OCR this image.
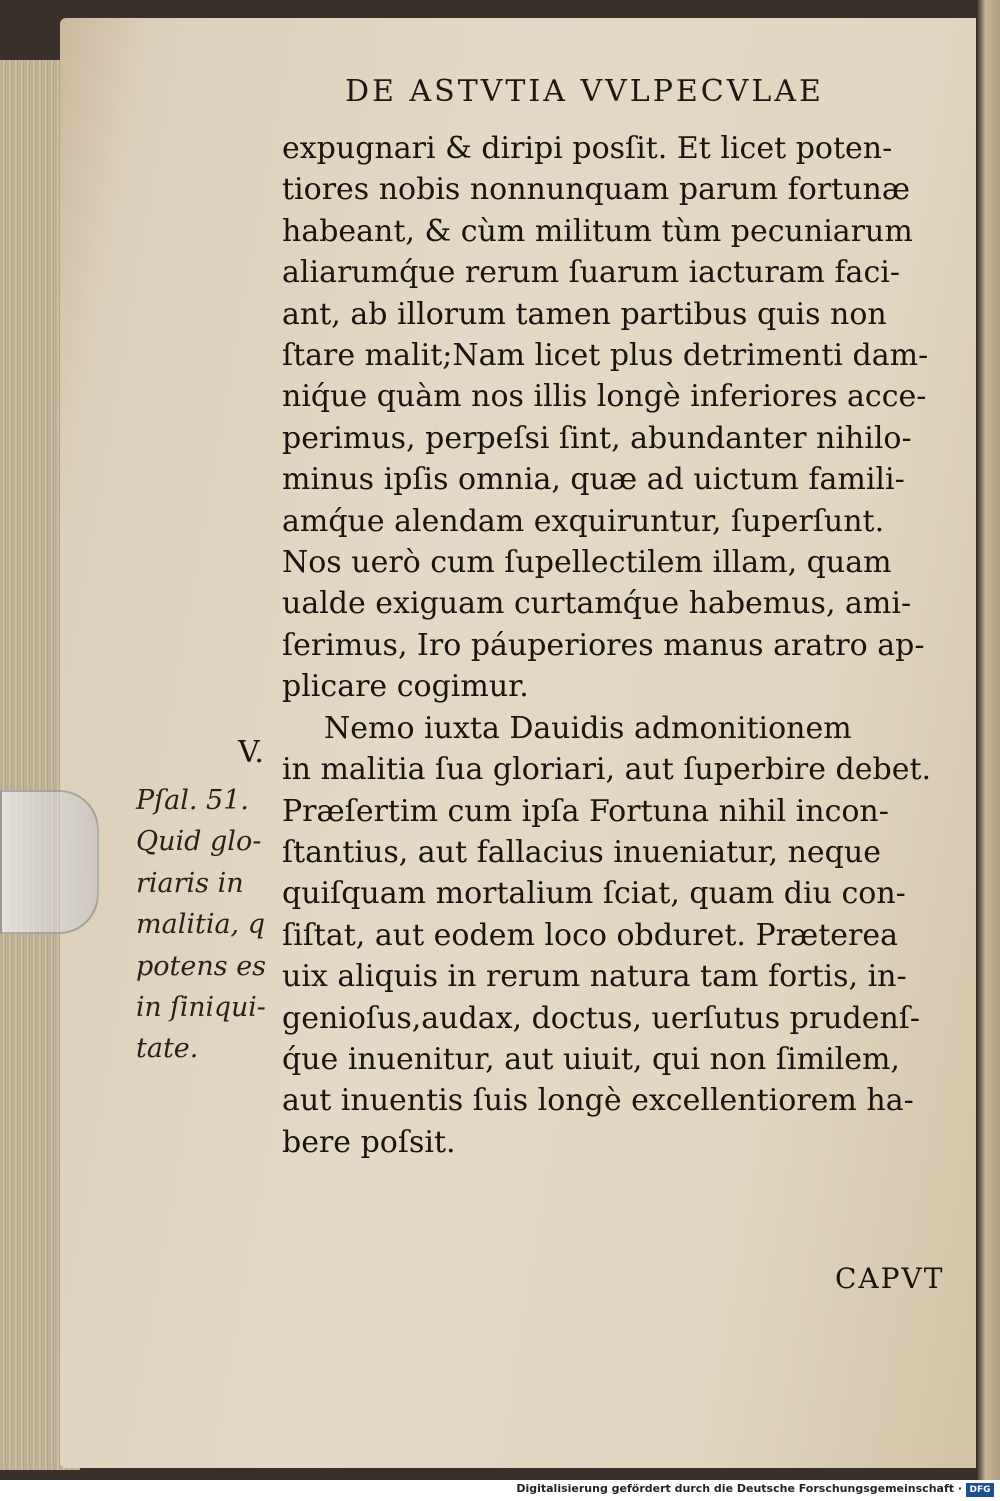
DE ASTVTIA VVLPECVLAE
expugnari & diripi posſit. Et licet poten-
tiores nobis nonnunquam parum fortunæ
habeant, & cùm militum tùm pecuniarum
aliarumq́ue rerum ſuarum iacturam faci-
ant, ab illorum tamen partibus quis non
ſtare malit;Nam licet plus detrimenti dam-
niq́ue quàm nos illis longè inferiores acce-
perimus, perpeſsi ſint, abundanter nihilo-
minus ipſis omnia, quæ ad uictum famili-
amq́ue alendam exquiruntur, ſuperſunt.
Nos uerò cum ſupellectilem illam, quam
ualde exiguam curtamq́ue habemus, ami-
ſerimus, Iro páuperiores manus aratro ap-
plicare cogimur.
Nemo iuxta Dauidis admonitionem
in malitia ſua gloriari, aut ſuperbire debet.
Præſertim cum ipſa Fortuna nihil incon-
ſtantius, aut fallacius inueniatur, neque
quiſquam mortalium ſciat, quam diu con-
ſiſtat, aut eodem loco obduret. Præterea
uix aliquis in rerum natura tam fortis, in-
genioſus,audax, doctus, uerſutus prudenſ-
q́ue inuenitur, aut uiuit, qui non ſimilem,
aut inuentis ſuis longè excellentiorem ha-
bere poſsit.
V.
Pſal. 51.
Quid glo-
riaris in
malitia, q
potens es
in ſiniqui-
tate.
CAPVT
Digitalisierung gefördert durch die Deutsche Forschungsgemeinschaft · DFG
